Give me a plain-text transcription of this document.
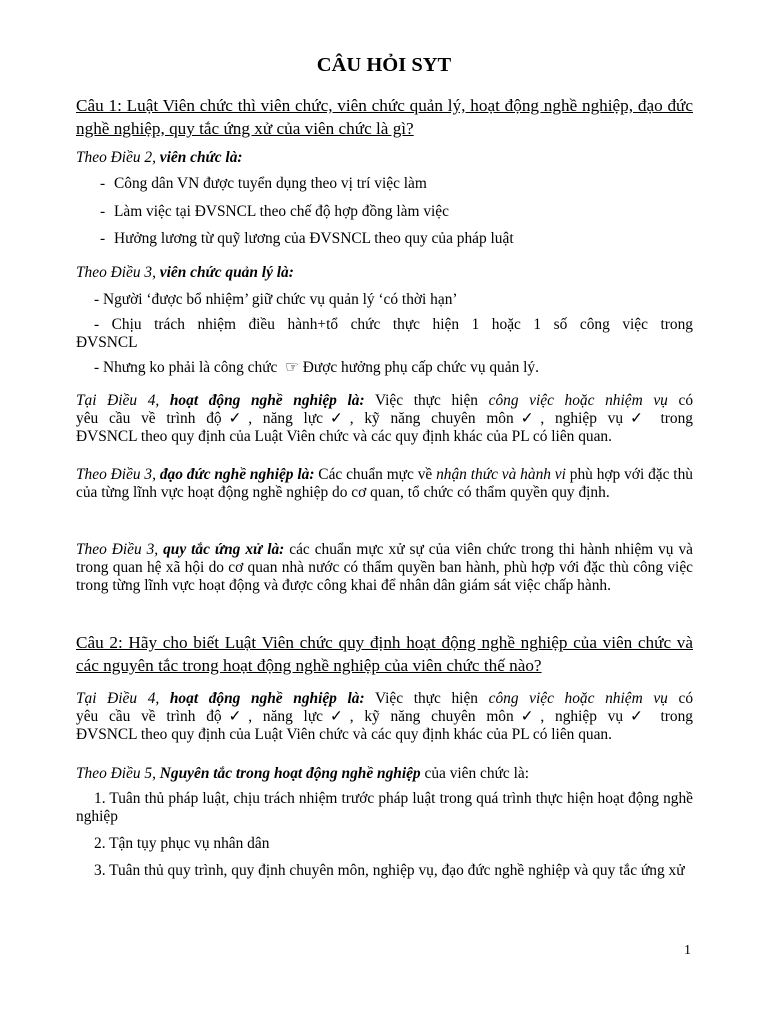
CÂU HỎI SYT

Câu 1: Luật Viên chức thì viên chức, viên chức quản lý, hoạt động nghề nghiệp, đạo đức nghề nghiệp, quy tắc ứng xử của viên chức là gì?

Theo Điều 2, viên chức là:

- Công dân VN được tuyển dụng theo vị trí việc làm

- Làm việc tại ĐVSNCL theo chế độ hợp đồng làm việc

- Hưởng lương từ quỹ lương của ĐVSNCL theo quy của pháp luật

Theo Điều 3, viên chức quản lý là:

- Người ‘được bổ nhiệm’ giữ chức vụ quản lý ‘có thời hạn’

- Chịu trách nhiệm điều hành+tổ chức thực hiện 1 hoặc 1 số công việc trong

ĐVSNCL

- Nhưng ko phải là công chức ☞ Được hưởng phụ cấp chức vụ quản lý.

Tại Điều 4, hoạt động nghề nghiệp là: Việc thực hiện công việc hoặc nhiệm vụ có

yêu cầu về trình độ✓, năng lực✓, kỹ năng chuyên môn✓, nghiệp vụ✓ trong

ĐVSNCL theo quy định của Luật Viên chức và các quy định khác của PL có liên quan.

Theo Điều 3, đạo đức nghề nghiệp là: Các chuẩn mực về nhận thức và hành vi phù hợp với đặc thù của từng lĩnh vực hoạt động nghề nghiệp do cơ quan, tổ chức có thẩm quyền quy định.

Theo Điều 3, quy tắc ứng xử là: các chuẩn mực xử sự của viên chức trong thi hành nhiệm vụ và trong quan hệ xã hội do cơ quan nhà nước có thẩm quyền ban hành, phù hợp với đặc thù công việc trong từng lĩnh vực hoạt động và được công khai để nhân dân giám sát việc chấp hành.

Câu 2: Hãy cho biết Luật Viên chức quy định hoạt động nghề nghiệp của viên chức và các nguyên tắc trong hoạt động nghề nghiệp của viên chức thế nào?

Tại Điều 4, hoạt động nghề nghiệp là: Việc thực hiện công việc hoặc nhiệm vụ có

yêu cầu về trình độ✓, năng lực✓, kỹ năng chuyên môn✓, nghiệp vụ✓ trong

ĐVSNCL theo quy định của Luật Viên chức và các quy định khác của PL có liên quan.

Theo Điều 5, Nguyên tắc trong hoạt động nghề nghiệp của viên chức là:

1. Tuân thủ pháp luật, chịu trách nhiệm trước pháp luật trong quá trình thực hiện hoạt động nghề nghiệp

2. Tận tụy phục vụ nhân dân

3. Tuân thủ quy trình, quy định chuyên môn, nghiệp vụ, đạo đức nghề nghiệp và quy tắc ứng xử

1
